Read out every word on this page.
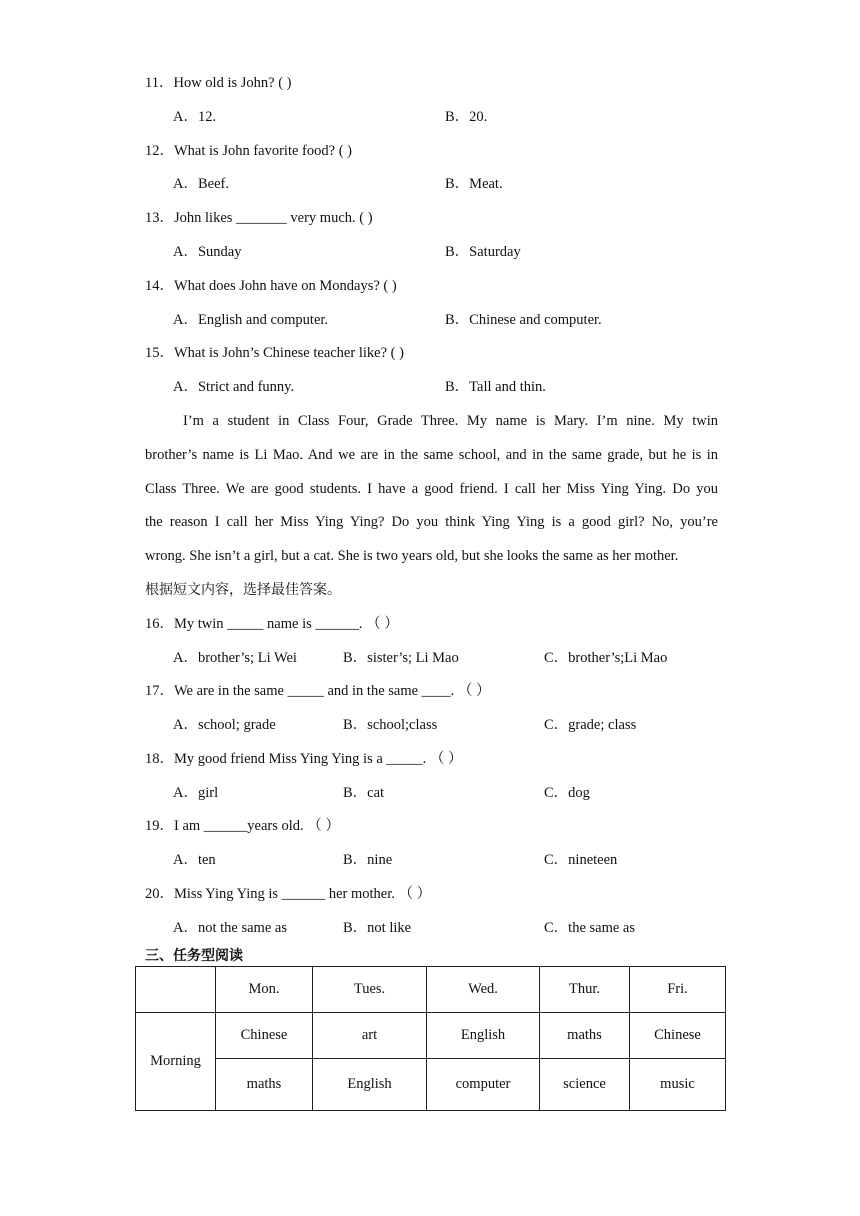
11．How old is John? ( )
A．12.	B．20.
12．What is John favorite food? ( )
A．Beef.	B．Meat.
13．John likes _______ very much. ( )
A．Sunday	B．Saturday
14．What does John have on Mondays? ( )
A．English and computer.	B．Chinese and computer.
15．What is John’s Chinese teacher like? ( )
A．Strict and funny.	B．Tall and thin.
I’m a student in Class Four, Grade Three. My name is Mary. I’m nine. My twin
brother’s name is Li Mao. And we are in the same school, and in the same grade, but he is in
Class Three. We are good students. I have a good friend. I call her Miss Ying Ying. Do you
the reason I call her Miss Ying Ying? Do you think Ying Ying is a good girl? No, you’re
wrong. She isn’t a girl, but a cat. She is two years old, but she looks the same as her mother.
根据短文内容，选择最佳答案。
16．My twin _____ name is ______. （ ）
A．brother’s; Li Wei	B．sister’s; Li Mao	C．brother’s;Li Mao
17．We are in the same _____ and in the same ____. （ ）
A．school; grade	B．school;class	C．grade; class
18．My good friend Miss Ying Ying is a _____. （ ）
A．girl	B．cat	C．dog
19．I am ______years old. （ ）
A．ten	B．nine	C．nineteen
20．Miss Ying Ying is ______ her mother. （ ）
A．not the same as	B．not like	C．the same as
三、任务型阅读
	Mon.	Tues.	Wed.	Thur.	Fri.
Morning	Chinese	art	English	maths	Chinese
	maths	English	computer	science	music
